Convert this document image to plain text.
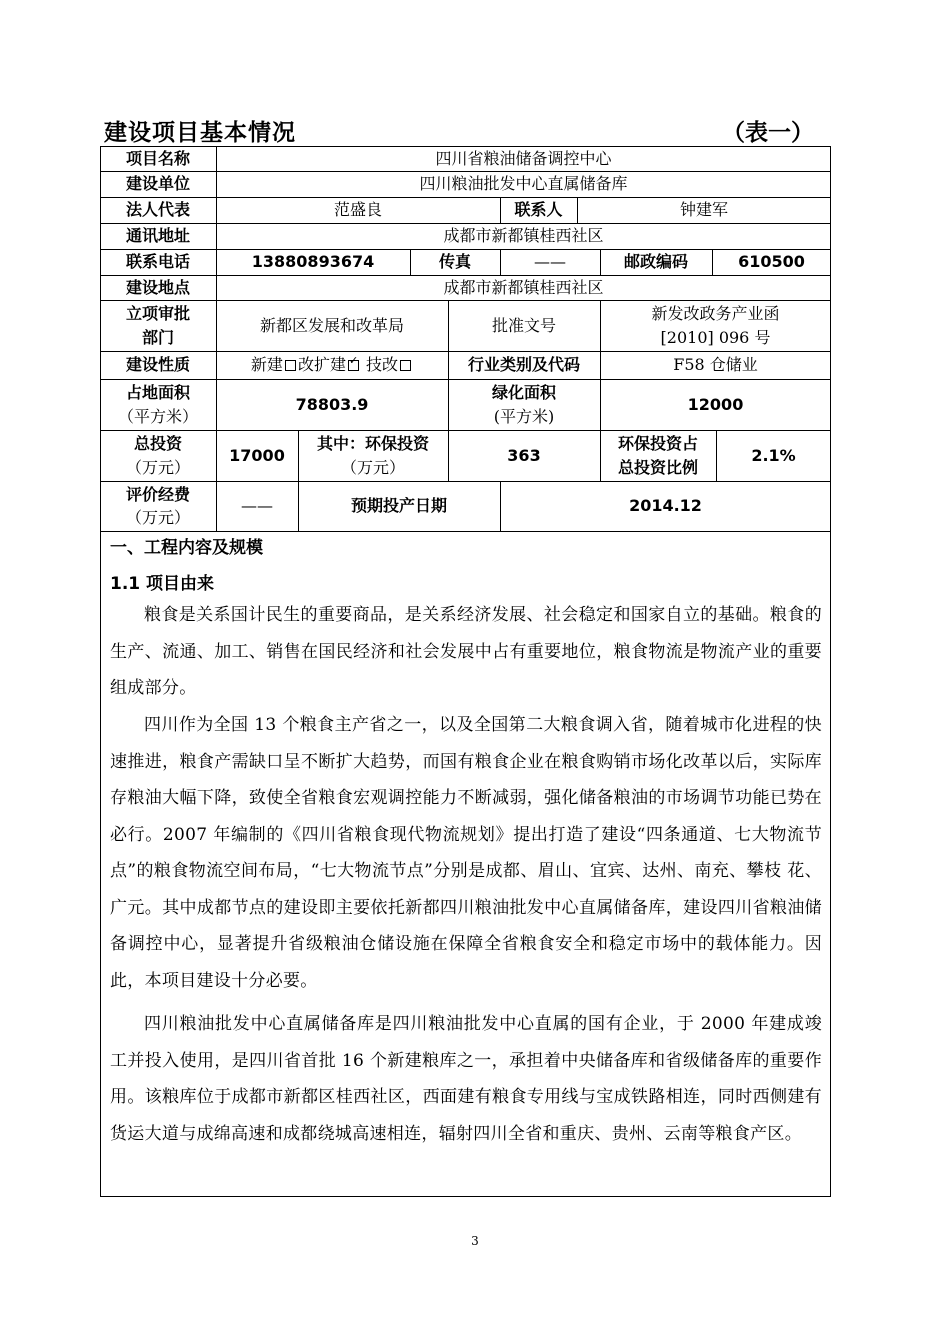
建设项目基本情况	（表一）
项目名称	四川省粮油储备调控中心
建设单位	四川粮油批发中心直属储备库
法人代表	范盛良	联系人	钟建军
通讯地址	成都市新都镇桂西社区
联系电话	13880893674	传真	——	邮政编码	610500
建设地点	成都市新都镇桂西社区
立项审批
部门
新都区发展和改革局	批准文号
新发改政务产业函
[2010] 096 号
建设性质	新建 改扩建
✓
技改	行业类别及代码	F58 仓储业
占地面积
（平方米）
78803.9
绿化面积
(平方米)
12000
总投资
（万元）
17000
其中：环保投资
（万元）
363
环保投资占
总投资比例
2.1%
评价经费
（万元）
——	预期投产日期	2014.12
一、工程内容及规模
1.1 项目由来
粮食是关系国计民生的重要商品，是关系经济发展、社会稳定和国家自立的基础。粮食的生产、流通、加工、销售在国民经济和社会发展中占有重要地位，粮食物流是物流产业的重要组成部分。
四川作为全国 13 个粮食主产省之一，以及全国第二大粮食调入省，随着城市化进程的快速推进，粮食产需缺口呈不断扩大趋势，而国有粮食企业在粮食购销市场化改革以后，实际库存粮油大幅下降，致使全省粮食宏观调控能力不断减弱，强化储备粮油的市场调节功能已势在必行。2007 年编制的《四川省粮食现代物流规划》提出打造了建设“四条通道、七大物流节点”的粮食物流空间布局，“七大物流节点”分别是成都、眉山、宜宾、达州、南充、攀枝 花、广元。其中成都节点的建设即主要依托新都四川粮油批发中心直属储备库，建设四川省粮油储备调控中心，显著提升省级粮油仓储设施在保障全省粮食安全和稳定市场中的载体能力。因此，本项目建设十分必要。
四川粮油批发中心直属储备库是四川粮油批发中心直属的国有企业，于 2000 年建成竣工并投入使用，是四川省首批 16 个新建粮库之一，承担着中央储备库和省级储备库的重要作用。该粮库位于成都市新都区桂西社区，西面建有粮食专用线与宝成铁路相连，同时西侧建有货运大道与成绵高速和成都绕城高速相连，辐射四川全省和重庆、贵州、云南等粮食产区。
3
